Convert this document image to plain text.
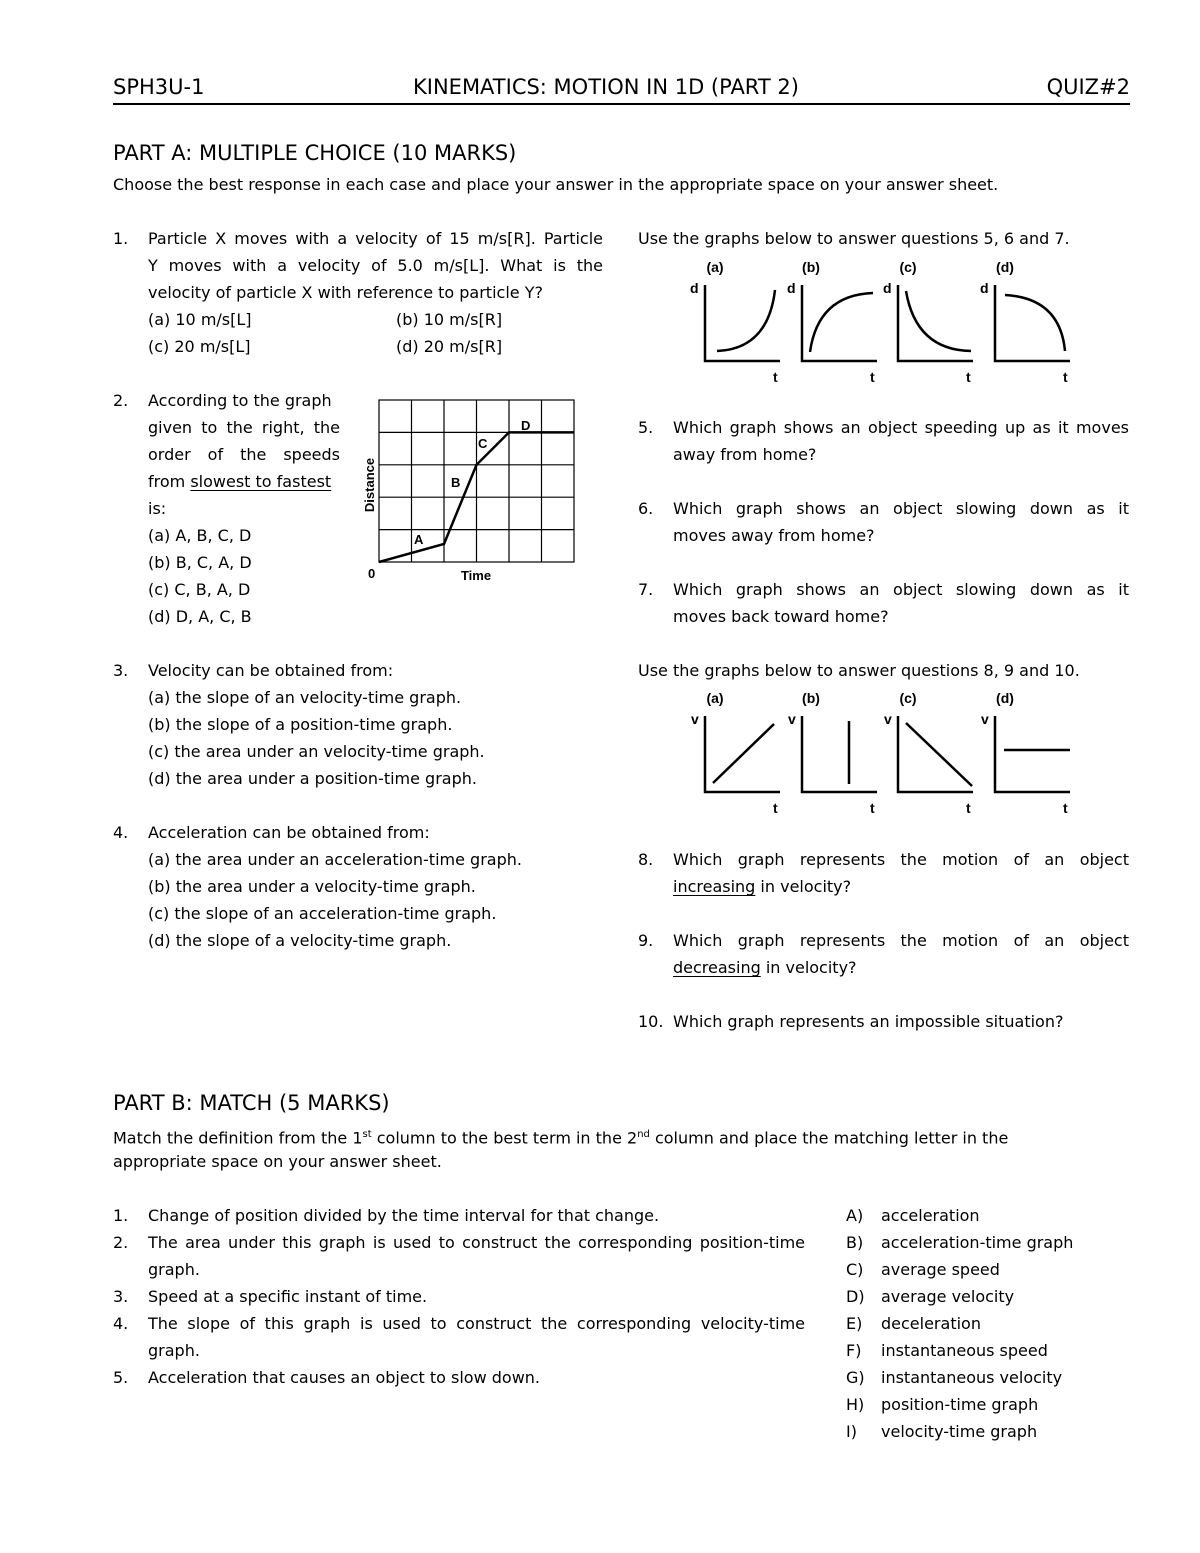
SPH3U-1	KINEMATICS: MOTION IN 1D (PART 2)	QUIZ#2
PART A: MULTIPLE CHOICE (10 MARKS)
Choose the best response in each case and place your answer in the appropriate space on your answer sheet.
1. Particle X moves with a velocity of 15 m/s[R]. Particle
Y moves with a velocity of 5.0 m/s[L]. What is the
velocity of particle X with reference to particle Y?
(a) 10 m/s[L]	(b) 10 m/s[R]
(c) 20 m/s[L]	(d) 20 m/s[R]
2. According to the graph
given to the right, the
order of the speeds
from slowest to fastest
is:
(a) A, B, C, D
(b) B, C, A, D
(c) C, B, A, D
(d) D, A, C, B
0	Time
Distance
A
B
C
D
3. Velocity can be obtained from:
(a) the slope of an velocity-time graph.
(b) the slope of a position-time graph.
(c) the area under an velocity-time graph.
(d) the area under a position-time graph.
4. Acceleration can be obtained from:
(a) the area under an acceleration-time graph.
(b) the area under a velocity-time graph.
(c) the slope of an acceleration-time graph.
(d) the slope of a velocity-time graph.
Use the graphs below to answer questions 5, 6 and 7.
(a)	(b)	(c)	(d)
d	d	d	d
t	t	t	t
5. Which graph shows an object speeding up as it moves
away from home?
6. Which graph shows an object slowing down as it
moves away from home?
7. Which graph shows an object slowing down as it
moves back toward home?
Use the graphs below to answer questions 8, 9 and 10.
(a)	(b)	(c)	(d)
v	v	v	v
t	t	t	t
8. Which graph represents the motion of an object
increasing in velocity?
9. Which graph represents the motion of an object
decreasing in velocity?
10. Which graph represents an impossible situation?
PART B: MATCH (5 MARKS)
Match the definition from the 1st column to the best term in the 2nd column and place the matching letter in the
appropriate space on your answer sheet.
1. Change of position divided by the time interval for that change.
2. The area under this graph is used to construct the corresponding position-time
graph.
3. Speed at a specific instant of time.
4. The slope of this graph is used to construct the corresponding velocity-time
graph.
5. Acceleration that causes an object to slow down.
A) acceleration
B) acceleration-time graph
C) average speed
D) average velocity
E) deceleration
F) instantaneous speed
G) instantaneous velocity
H) position-time graph
I) velocity-time graph
